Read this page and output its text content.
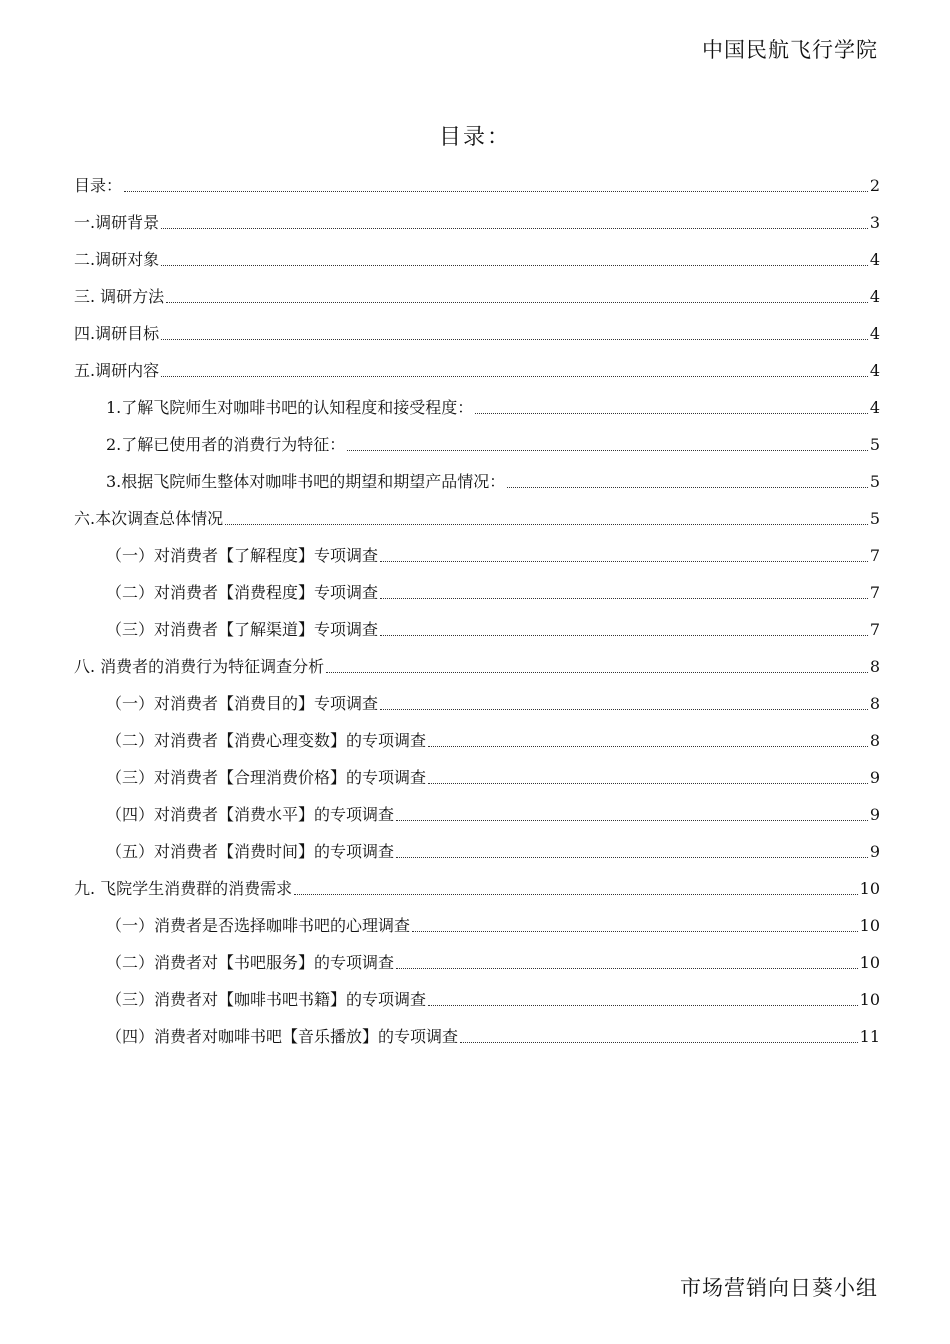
中国民航飞行学院
目录：
目录：	2
一.调研背景	3
二.调研对象	4
三. 调研方法	4
四.调研目标	4
五.调研内容	4
1.了解飞院师生对咖啡书吧的认知程度和接受程度：	4
2.了解已使用者的消费行为特征：	5
3.根据飞院师生整体对咖啡书吧的期望和期望产品情况：	5
六.本次调查总体情况	5
（一）对消费者【了解程度】专项调查	7
（二）对消费者【消费程度】专项调查	7
（三）对消费者【了解渠道】专项调查	7
八. 消费者的消费行为特征调查分析	8
（一）对消费者【消费目的】专项调查	8
（二）对消费者【消费心理变数】的专项调查	8
（三）对消费者【合理消费价格】的专项调查	9
（四）对消费者【消费水平】的专项调查	9
（五）对消费者【消费时间】的专项调查	9
九. 飞院学生消费群的消费需求	10
（一）消费者是否选择咖啡书吧的心理调查	10
（二）消费者对【书吧服务】的专项调查	10
（三）消费者对【咖啡书吧书籍】的专项调查	10
（四）消费者对咖啡书吧【音乐播放】的专项调查	11
市场营销向日葵小组
